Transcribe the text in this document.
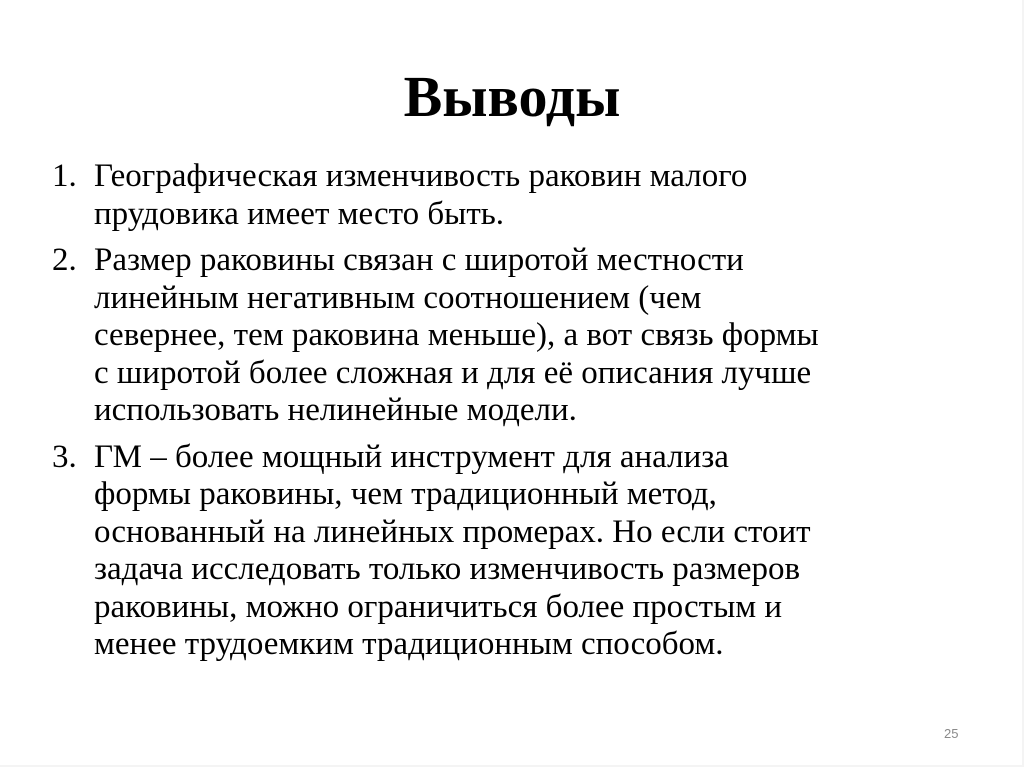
Выводы
1. Географическая изменчивость раковин малого
прудовика имеет место быть.
2. Размер раковины связан с широтой местности
линейным негативным соотношением (чем
севернее, тем раковина меньше), а вот связь формы
с широтой более сложная и для её описания лучше
использовать нелинейные модели.
3. ГМ – более мощный инструмент для анализа
формы раковины, чем традиционный метод,
основанный на линейных промерах. Но если стоит
задача исследовать только изменчивость размеров
раковины, можно ограничиться более простым и
менее трудоемким традиционным способом.
25
